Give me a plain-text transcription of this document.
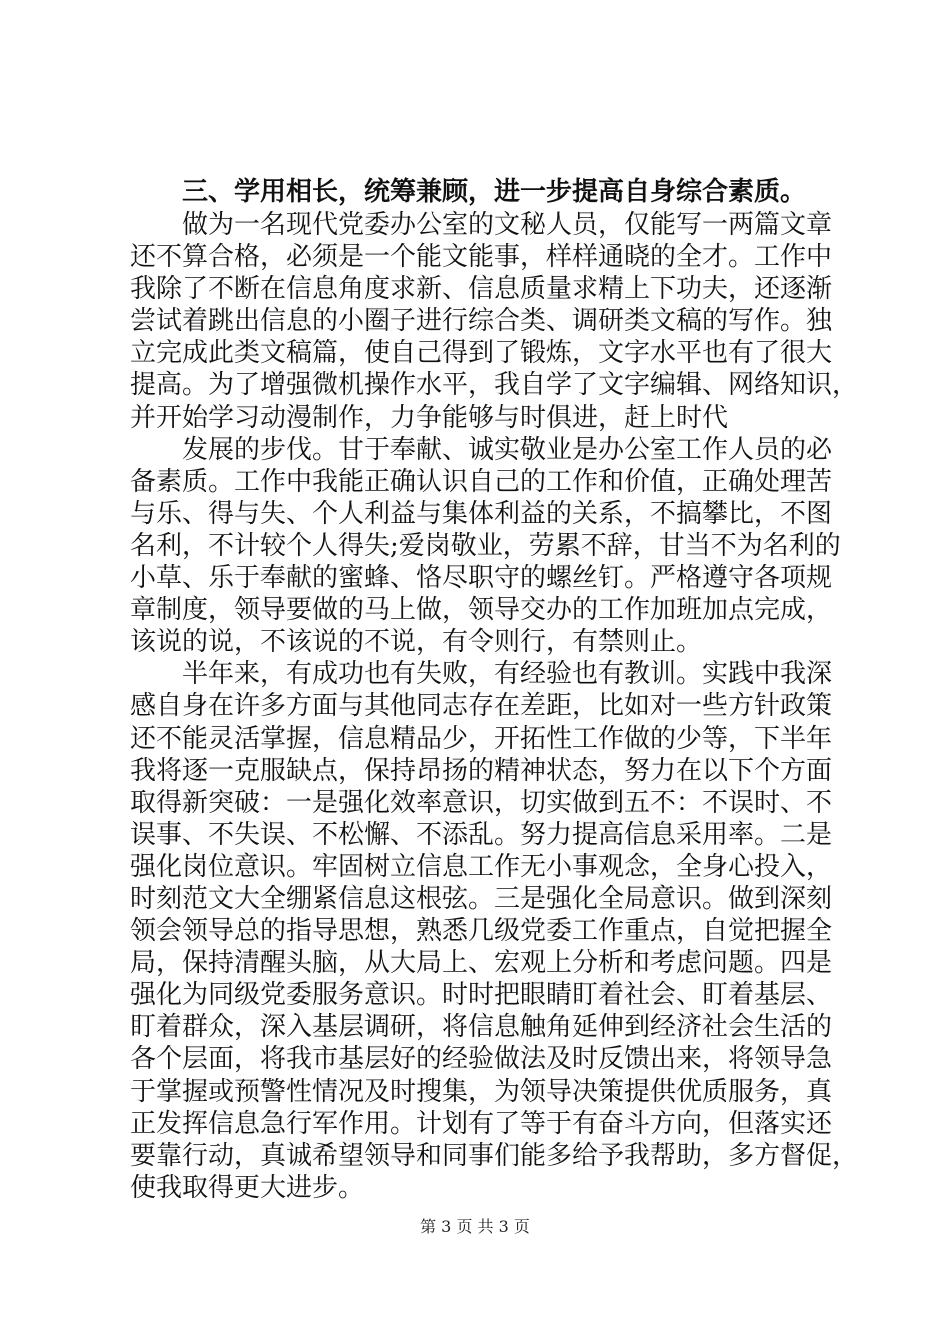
三、学用相长，统筹兼顾，进一步提高自身综合素质。
做为一名现代党委办公室的文秘人员，仅能写一两篇文章
还不算合格，必须是一个能文能事，样样通晓的全才。工作中
我除了不断在信息角度求新、信息质量求精上下功夫，还逐渐
尝试着跳出信息的小圈子进行综合类、调研类文稿的写作。独
立完成此类文稿篇，使自己得到了锻炼，文字水平也有了很大
提高。为了增强微机操作水平，我自学了文字编辑、网络知识，
并开始学习动漫制作，力争能够与时俱进，赶上时代
发展的步伐。甘于奉献、诚实敬业是办公室工作人员的必
备素质。工作中我能正确认识自己的工作和价值，正确处理苦
与乐、得与失、个人利益与集体利益的关系，不搞攀比，不图
名利，不计较个人得失;爱岗敬业，劳累不辞，甘当不为名利的
小草、乐于奉献的蜜蜂、恪尽职守的螺丝钉。严格遵守各项规
章制度，领导要做的马上做，领导交办的工作加班加点完成，
该说的说，不该说的不说，有令则行，有禁则止。
半年来，有成功也有失败，有经验也有教训。实践中我深
感自身在许多方面与其他同志存在差距，比如对一些方针政策
还不能灵活掌握，信息精品少，开拓性工作做的少等，下半年
我将逐一克服缺点，保持昂扬的精神状态，努力在以下个方面
取得新突破：一是强化效率意识，切实做到五不：不误时、不
误事、不失误、不松懈、不添乱。努力提高信息采用率。二是
强化岗位意识。牢固树立信息工作无小事观念，全身心投入，
时刻范文大全绷紧信息这根弦。三是强化全局意识。做到深刻
领会领导总的指导思想，熟悉几级党委工作重点，自觉把握全
局，保持清醒头脑，从大局上、宏观上分析和考虑问题。四是
强化为同级党委服务意识。时时把眼睛盯着社会、盯着基层、
盯着群众，深入基层调研，将信息触角延伸到经济社会生活的
各个层面，将我市基层好的经验做法及时反馈出来，将领导急
于掌握或预警性情况及时搜集，为领导决策提供优质服务，真
正发挥信息急行军作用。计划有了等于有奋斗方向，但落实还
要靠行动，真诚希望领导和同事们能多给予我帮助，多方督促，
使我取得更大进步。
第 3 页 共 3 页
